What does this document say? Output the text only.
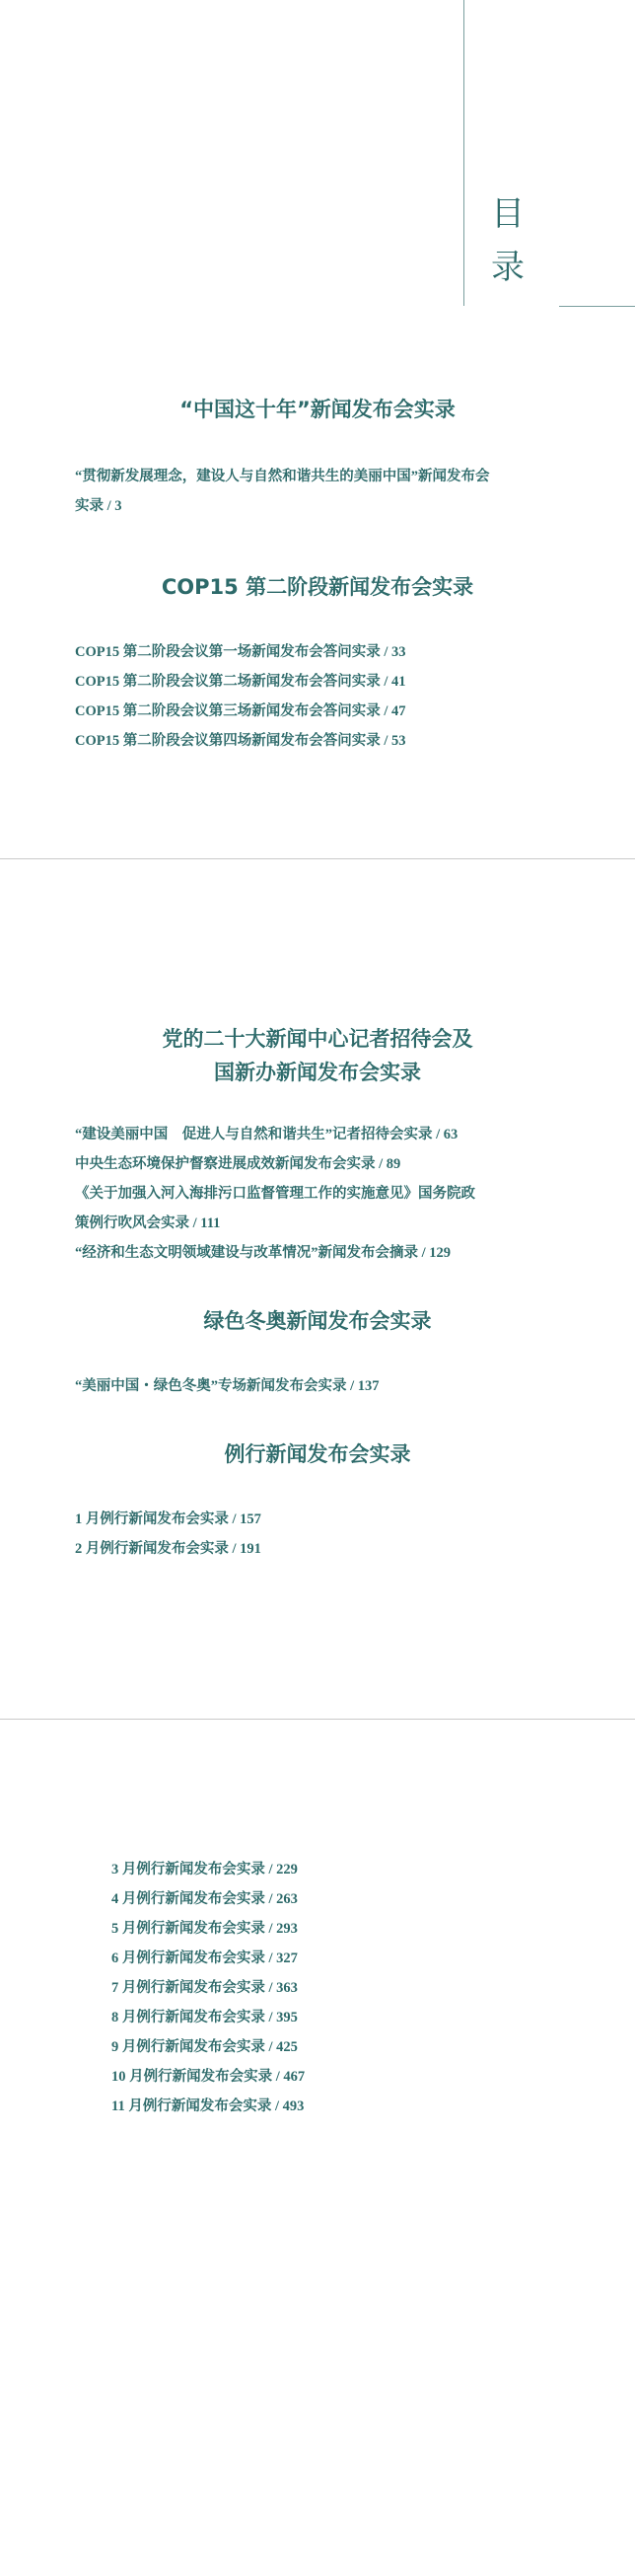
目
录
“中国这十年”新闻发布会实录
“贯彻新发展理念，建设人与自然和谐共生的美丽中国”新闻发布会
实录 / 3
COP15 第二阶段新闻发布会实录
COP15 第二阶段会议第一场新闻发布会答问实录 / 33
COP15 第二阶段会议第二场新闻发布会答问实录 / 41
COP15 第二阶段会议第三场新闻发布会答问实录 / 47
COP15 第二阶段会议第四场新闻发布会答问实录 / 53
党的二十大新闻中心记者招待会及
国新办新闻发布会实录
“建设美丽中国　促进人与自然和谐共生”记者招待会实录 / 63
中央生态环境保护督察进展成效新闻发布会实录 / 89
《关于加强入河入海排污口监督管理工作的实施意见》国务院政
策例行吹风会实录 / 111
“经济和生态文明领域建设与改革情况”新闻发布会摘录 / 129
绿色冬奥新闻发布会实录
“美丽中国・绿色冬奥”专场新闻发布会实录 / 137
例行新闻发布会实录
1 月例行新闻发布会实录 / 157
2 月例行新闻发布会实录 / 191
3 月例行新闻发布会实录 / 229
4 月例行新闻发布会实录 / 263
5 月例行新闻发布会实录 / 293
6 月例行新闻发布会实录 / 327
7 月例行新闻发布会实录 / 363
8 月例行新闻发布会实录 / 395
9 月例行新闻发布会实录 / 425
10 月例行新闻发布会实录 / 467
11 月例行新闻发布会实录 / 493
